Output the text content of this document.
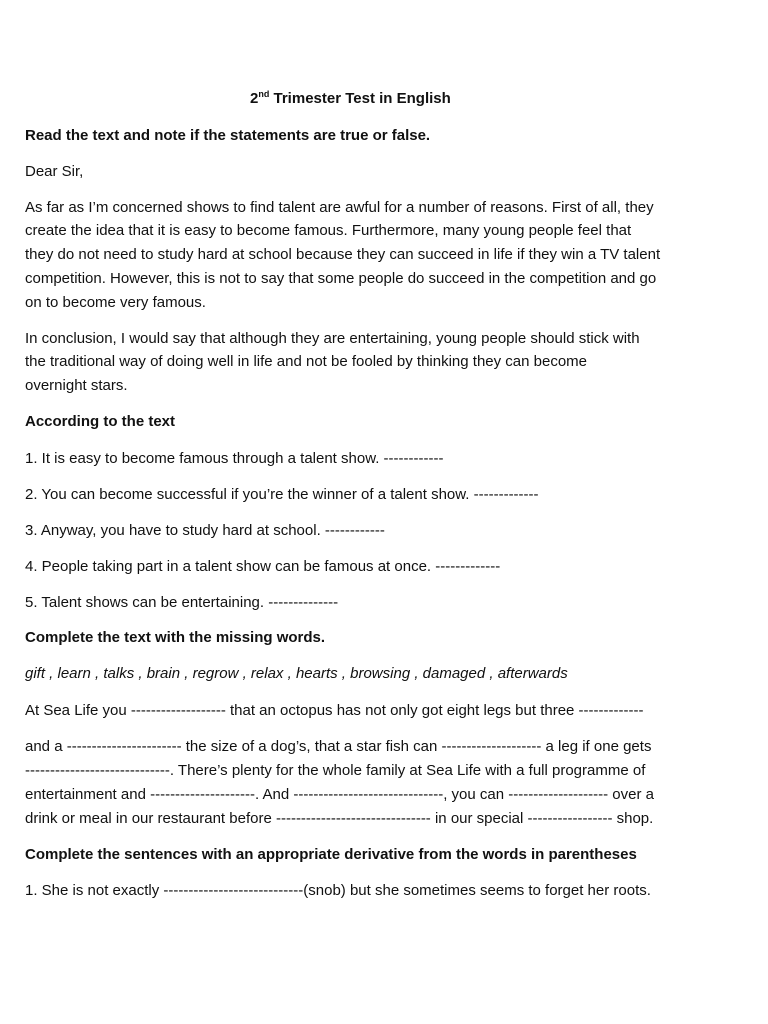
2nd Trimester Test in English
Read the text and note if the statements are true or false.
Dear Sir,
As far as I’m concerned shows to find talent are awful for a number of reasons. First of all, they
create the idea that it is easy to become famous. Furthermore, many young people feel that
they do not need to study hard at school because they can succeed in life if they win a TV talent
competition. However, this is not to say that some people do succeed in the competition and go
on to become very famous.
In conclusion, I would say that although they are entertaining, young people should stick with
the traditional way of doing well in life and not be fooled by thinking they can become
overnight stars.
According to the text
1. It is easy to become famous through a talent show. ------------
2. You can become successful if you’re the winner of a talent show. -------------
3. Anyway, you have to study hard at school. ------------
4. People taking part in a talent show can be famous at once. -------------
5. Talent shows can be entertaining. --------------
Complete the text with the missing words.
gift , learn , talks , brain , regrow , relax , hearts , browsing , damaged , afterwards
At Sea Life you ------------------- that an octopus has not only got eight legs but three -------------
and a ----------------------- the size of a dog’s, that a star fish can -------------------- a leg if one gets
-----------------------------. There’s plenty for the whole family at Sea Life with a full programme of
entertainment and ---------------------. And ------------------------------, you can -------------------- over a
drink or meal in our restaurant before ------------------------------- in our special ----------------- shop.
Complete the sentences with an appropriate derivative from the words in parentheses
1. She is not exactly ----------------------------(snob) but she sometimes seems to forget her roots.
